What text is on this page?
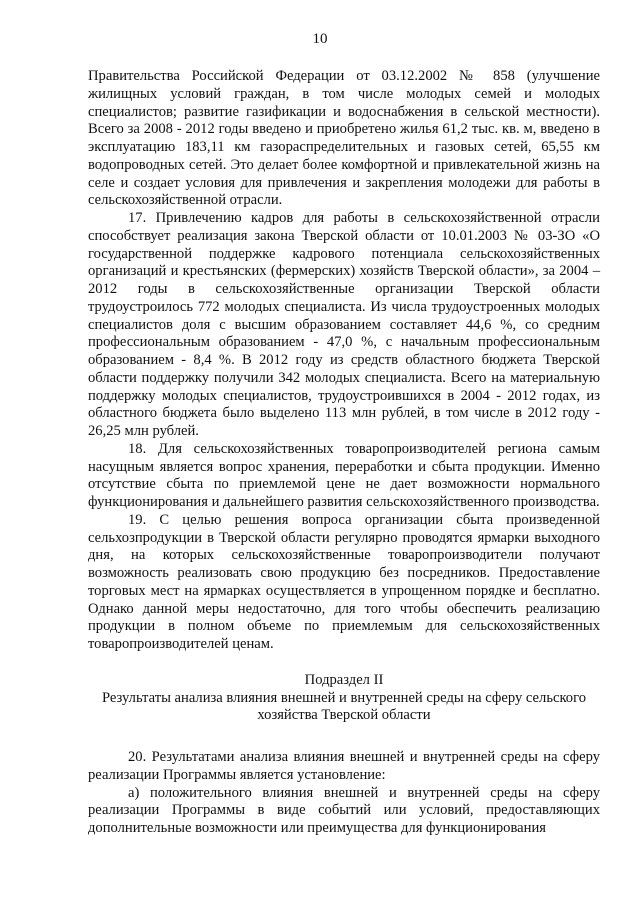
10

Правительства Российской Федерации от 03.12.2002 № 858 (улучшение жилищных условий граждан, в том числе молодых семей и молодых специалистов; развитие газификации и водоснабжения в сельской местности). Всего за 2008 - 2012 годы введено и приобретено жилья 61,2 тыс. кв. м, введено в эксплуатацию 183,11 км газораспределительных и газовых сетей, 65,55 км водопроводных сетей. Это делает более комфортной и привлекательной жизнь на селе и создает условия для привлечения и закрепления молодежи для работы в сельскохозяйственной отрасли.

17. Привлечению кадров для работы в сельскохозяйственной отрасли способствует реализация закона Тверской области от 10.01.2003 № 03-ЗО «О государственной поддержке кадрового потенциала сельскохозяйственных организаций и крестьянских (фермерских) хозяйств Тверской области», за 2004 – 2012 годы в сельскохозяйственные организации Тверской области трудоустроилось 772 молодых специалиста. Из числа трудоустроенных молодых специалистов доля с высшим образованием составляет 44,6 %, со средним профессиональным образованием - 47,0 %, с начальным профессиональным образованием - 8,4 %. В 2012 году из средств областного бюджета Тверской области поддержку получили 342 молодых специалиста. Всего на материальную поддержку молодых специалистов, трудоустроившихся в 2004 - 2012 годах, из областного бюджета было выделено 113 млн рублей, в том числе в 2012 году - 26,25 млн рублей.

18. Для сельскохозяйственных товаропроизводителей региона самым насущным является вопрос хранения, переработки и сбыта продукции. Именно отсутствие сбыта по приемлемой цене не дает возможности нормального функционирования и дальнейшего развития сельскохозяйственного производства.

19. С целью решения вопроса организации сбыта произведенной сельхозпродукции в Тверской области регулярно проводятся ярмарки выходного дня, на которых сельскохозяйственные товаропроизводители получают возможность реализовать свою продукцию без посредников. Предоставление торговых мест на ярмарках осуществляется в упрощенном порядке и бесплатно. Однако данной меры недостаточно, для того чтобы обеспечить реализацию продукции в полном объеме по приемлемым для сельскохозяйственных товаропроизводителей ценам.

Подраздел II

Результаты анализа влияния внешней и внутренней среды на сферу сельского хозяйства Тверской области

20. Результатами анализа влияния внешней и внутренней среды на сферу реализации Программы является установление:

а) положительного влияния внешней и внутренней среды на сферу реализации Программы в виде событий или условий, предоставляющих дополнительные возможности или преимущества для функционирования
